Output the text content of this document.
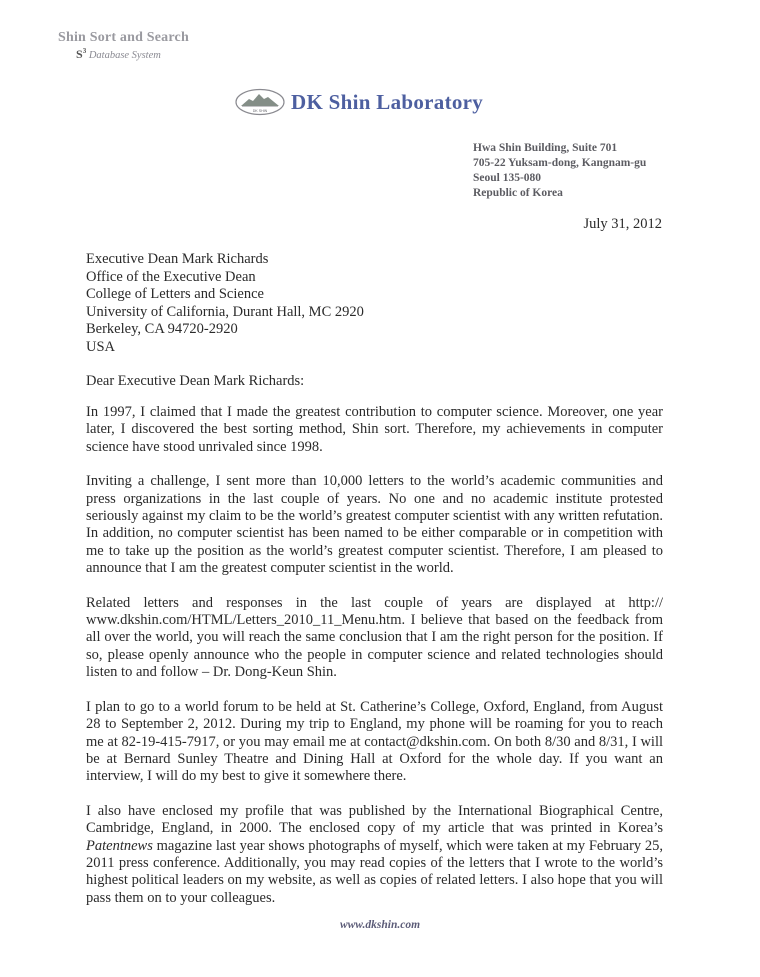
Shin Sort and Search
$S^3$ Database System
DK SHIN DK Shin Laboratory
Hwa Shin Building, Suite 701
705-22 Yuksam-dong, Kangnam-gu
Seoul 135-080
Republic of Korea
July 31, 2012
Executive Dean Mark Richards
Office of the Executive Dean
College of Letters and Science
University of California, Durant Hall, MC 2920
Berkeley, CA 94720-2920
USA
Dear Executive Dean Mark Richards:

In 1997, I claimed that I made the greatest contribution to computer science. Moreover, one year later, I discovered the best sorting method, Shin sort. Therefore, my achievements in computer science have stood unrivaled since 1998.

Inviting a challenge, I sent more than 10,000 letters to the world’s academic communities and press organizations in the last couple of years. No one and no academic institute protested seriously against my claim to be the world’s greatest computer scientist with any written refutation. In addition, no computer scientist has been named to be either comparable or in competition with me to take up the position as the world’s greatest computer scientist. Therefore, I am pleased to announce that I am the greatest computer scientist in the world.

Related letters and responses in the last couple of years are displayed at http:// www.dkshin.com/HTML/Letters_2010_11_Menu.htm. I believe that based on the feedback from all over the world, you will reach the same conclusion that I am the right person for the position. If so, please openly announce who the people in computer science and related technologies should listen to and follow – Dr. Dong-Keun Shin.

I plan to go to a world forum to be held at St. Catherine’s College, Oxford, England, from August 28 to September 2, 2012. During my trip to England, my phone will be roaming for you to reach me at 82-19-415-7917, or you may email me at contact@dkshin.com. On both 8/30 and 8/31, I will be at Bernard Sunley Theatre and Dining Hall at Oxford for the whole day. If you want an interview, I will do my best to give it somewhere there.

I also have enclosed my profile that was published by the International Biographical Centre, Cambridge, England, in 2000. The enclosed copy of my article that was printed in Korea’s Patentnews magazine last year shows photographs of myself, which were taken at my February 25, 2011 press conference. Additionally, you may read copies of the letters that I wrote to the world’s highest political leaders on my website, as well as copies of related letters. I also hope that you will pass them on to your colleagues.

www.dkshin.com
